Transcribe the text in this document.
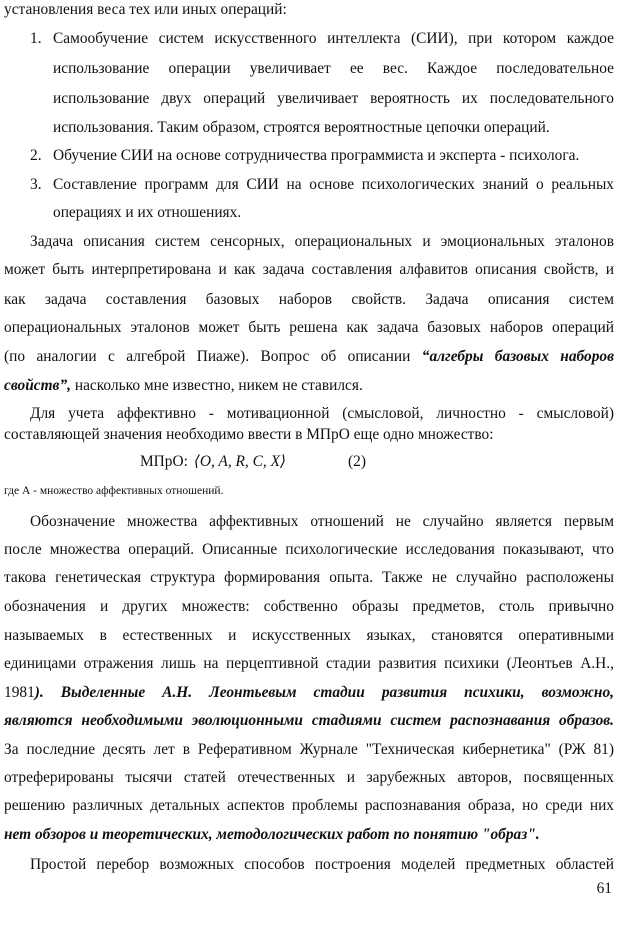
установления веса тех или иных операций:
1. Самообучение систем искусственного интеллекта (СИИ), при котором каждое
использование операции увеличивает ее вес. Каждое последовательное
использование двух операций увеличивает вероятность их последовательного
использования. Таким образом, строятся вероятностные цепочки операций.
2. Обучение СИИ на основе сотрудничества программиста и эксперта - психолога.
3. Составление программ для СИИ на основе психологических знаний о реальных
операциях и их отношениях.
Задача описания систем сенсорных, операциональных и эмоциональных эталонов
может быть интерпретирована и как задача составления алфавитов описания свойств, и
как задача составления базовых наборов свойств. Задача описания систем
операциональных эталонов может быть решена как задача базовых наборов операций
(по аналогии с алгеброй Пиаже). Вопрос об описании “алгебры базовых наборов
свойств”, насколько мне известно, никем не ставился.
Для учета аффективно - мотивационной (смысловой, личностно - смысловой)
составляющей значения необходимо ввести в МПрО еще одно множество:
МПрО: ⟨O, A, R, C, X⟩	(2)
где А - множество аффективных отношений.
Обозначение множества аффективных отношений не случайно является первым
после множества операций. Описанные психологические исследования показывают, что
такова генетическая структура формирования опыта. Также не случайно расположены
обозначения и других множеств: собственно образы предметов, столь привычно
называемых в естественных и искусственных языках, становятся оперативными
единицами отражения лишь на перцептивной стадии развития психики (Леонтьев А.Н.,
1981). Выделенные А.Н. Леонтьевым стадии развития психики, возможно,
являются необходимыми эволюционными стадиями систем распознавания образов.
За последние десять лет в Реферативном Журнале "Техническая кибернетика" (РЖ 81)
отреферированы тысячи статей отечественных и зарубежных авторов, посвященных
решению различных детальных аспектов проблемы распознавания образа, но среди них
нет обзоров и теоретических, методологических работ по понятию "образ".
Простой перебор возможных способов построения моделей предметных областей
61
